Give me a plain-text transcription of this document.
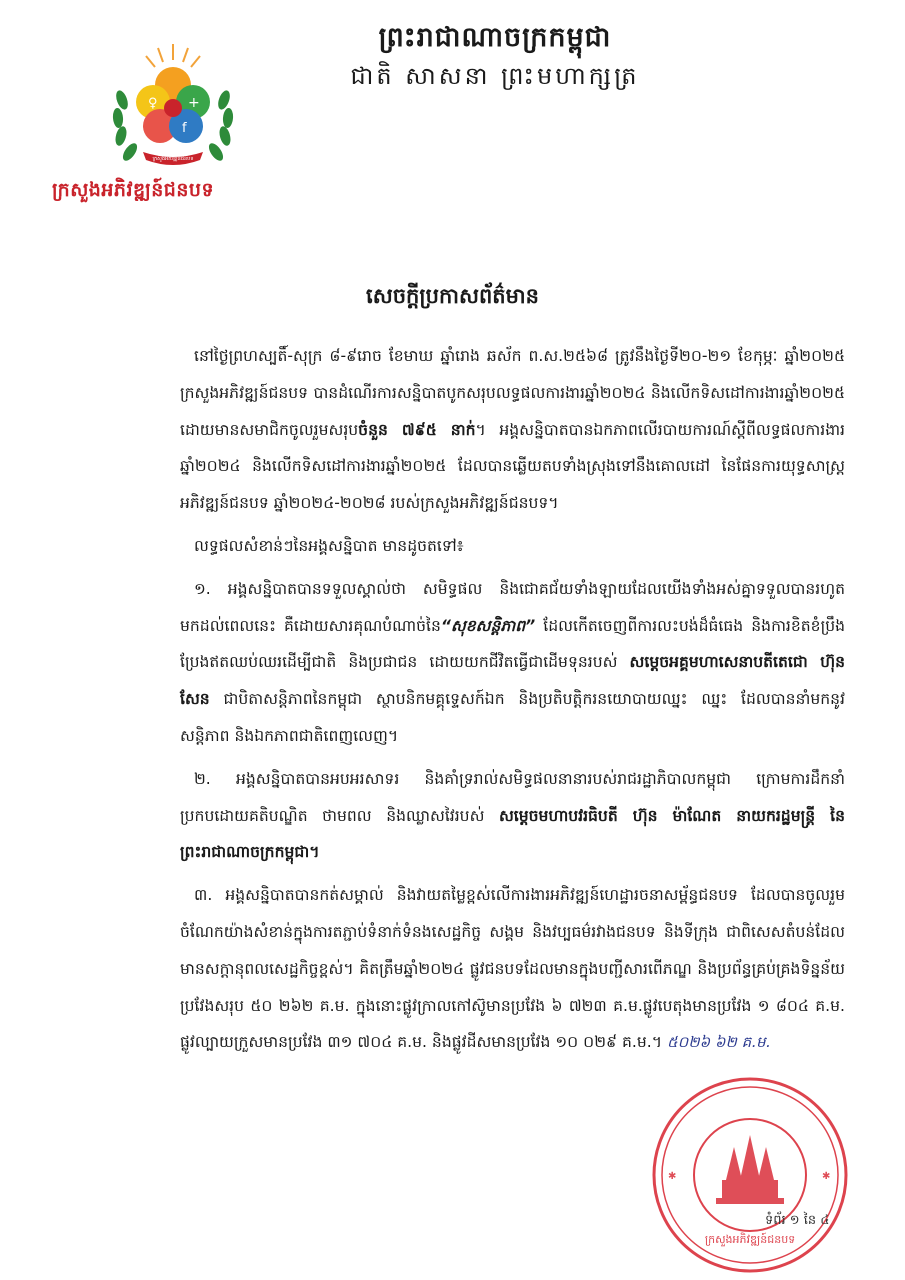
ព្រះរាជាណាចក្រកម្ពុជា

ជាតិ សាសនា ព្រះមហាក្សត្រ

♀ +
f
ក្រសួងអភិវឌ្ឍន៍ជនបទ
ក្រសួងអភិវឌ្ឍន៍ជនបទ

សេចក្តីប្រកាសព័ត៌មាន

នៅថ្ងៃព្រហស្បតិ៍-សុក្រ ៨-៩រោច ខែមាឃ ឆ្នាំរោង ឆស័ក ព.ស.២៥៦៨ ត្រូវនឹងថ្ងៃទី២០-២១ ខែកុម្ភៈ ឆ្នាំ២០២៥ ក្រសួងអភិវឌ្ឍន៍ជនបទ បានដំណើរការសន្និបាតបូកសរុបលទ្ធផលការងារឆ្នាំ២០២៤ និងលើកទិសដៅការងារឆ្នាំ២០២៥ ដោយមានសមាជិកចូលរួមសរុបចំនួន ៧៩៥ នាក់។ អង្គសន្និបាតបានឯកភាពលើរបាយការណ៍ស្តីពីលទ្ធផលការងារឆ្នាំ២០២៤ និងលើកទិសដៅការងារឆ្នាំ២០២៥ ដែលបានឆ្លើយតបទាំងស្រុងទៅនឹងគោលដៅ នៃផែនការយុទ្ធសាស្ត្រអភិវឌ្ឍន៍ជនបទ ឆ្នាំ២០២៤-២០២៨ របស់ក្រសួងអភិវឌ្ឍន៍ជនបទ។

លទ្ធផលសំខាន់ៗនៃអង្គសន្និបាត មានដូចតទៅ៖

១. អង្គសន្និបាតបានទទួលស្គាល់ថា សមិទ្ធផល និងជោគជ័យទាំងឡាយដែលយើងទាំងអស់គ្នាទទួលបានរហូតមកដល់ពេលនេះ គឺដោយសារគុណបំណាច់នៃ“សុខសន្តិភាព” ដែលកើតចេញពីការលះបង់ដ៏ធំធេង និងការខិតខំប្រឹងប្រែងឥតឈប់ឈរដើម្បីជាតិ និងប្រជាជន ដោយយកជីវិតធ្វើជាដើមទុនរបស់ សម្តេចអគ្គមហាសេនាបតីតេជោ ហ៊ុន សែន ជាបិតាសន្តិភាពនៃកម្ពុជា ស្ថាបនិកមគ្គុទ្ទេសក៍ឯក និងប្រតិបត្តិករនយោបាយឈ្នះ ឈ្នះ ដែលបាននាំមកនូវសន្តិភាព និងឯកភាពជាតិពេញលេញ។

២. អង្គសន្និបាតបានអបអរសាទរ និងគាំទ្ររាល់សមិទ្ធផលនានារបស់រាជរដ្ឋាភិបាលកម្ពុជា ក្រោមការដឹកនាំប្រកបដោយគតិបណ្ឌិត ថាមពល និងឈ្លាសវៃរបស់ សម្តេចមហាបវរធិបតី ហ៊ុន ម៉ាណែត នាយករដ្ឋមន្ត្រី នៃព្រះរាជាណាចក្រកម្ពុជា។

៣. អង្គសន្និបាតបានកត់សម្គាល់ និងវាយតម្លៃខ្ពស់លើការងារអភិវឌ្ឍន៍ហេដ្ឋារចនាសម្ព័ន្ធជនបទ ដែលបានចូលរួមចំណែកយ៉ាងសំខាន់ក្នុងការតភ្ជាប់ទំនាក់ទំនងសេដ្ឋកិច្ច សង្គម និងវប្បធម៌រវាងជនបទ និងទីក្រុង ជាពិសេសតំបន់ដែលមានសក្តានុពលសេដ្ឋកិច្ចខ្ពស់។ គិតត្រឹមឆ្នាំ២០២៤ ផ្លូវជនបទដែលមានក្នុងបញ្ជីសារពើភណ្ឌ និងប្រព័ន្ធគ្រប់គ្រងទិន្នន័យប្រវែងសរុប ៥០ ២៦២ គ.ម. ក្នុងនោះផ្លូវក្រាលកៅស៊ូមានប្រវែង ៦ ៧២៣ គ.ម.ផ្លូវបេតុងមានប្រវែង ១ ៨០៤ គ.ម. ផ្លូវល្បាយក្រួសមានប្រវែង ៣១ ៧០៤ គ.ម. និងផ្លូវដីសមានប្រវែង ១០ ០២៩ គ.ម.។ ៥០២៦ ៦២ គ.ម.

✱	✱
ក្រសួងអភិវឌ្ឍន៍ជនបទ
ទំព័រ ១ នៃ ៤
